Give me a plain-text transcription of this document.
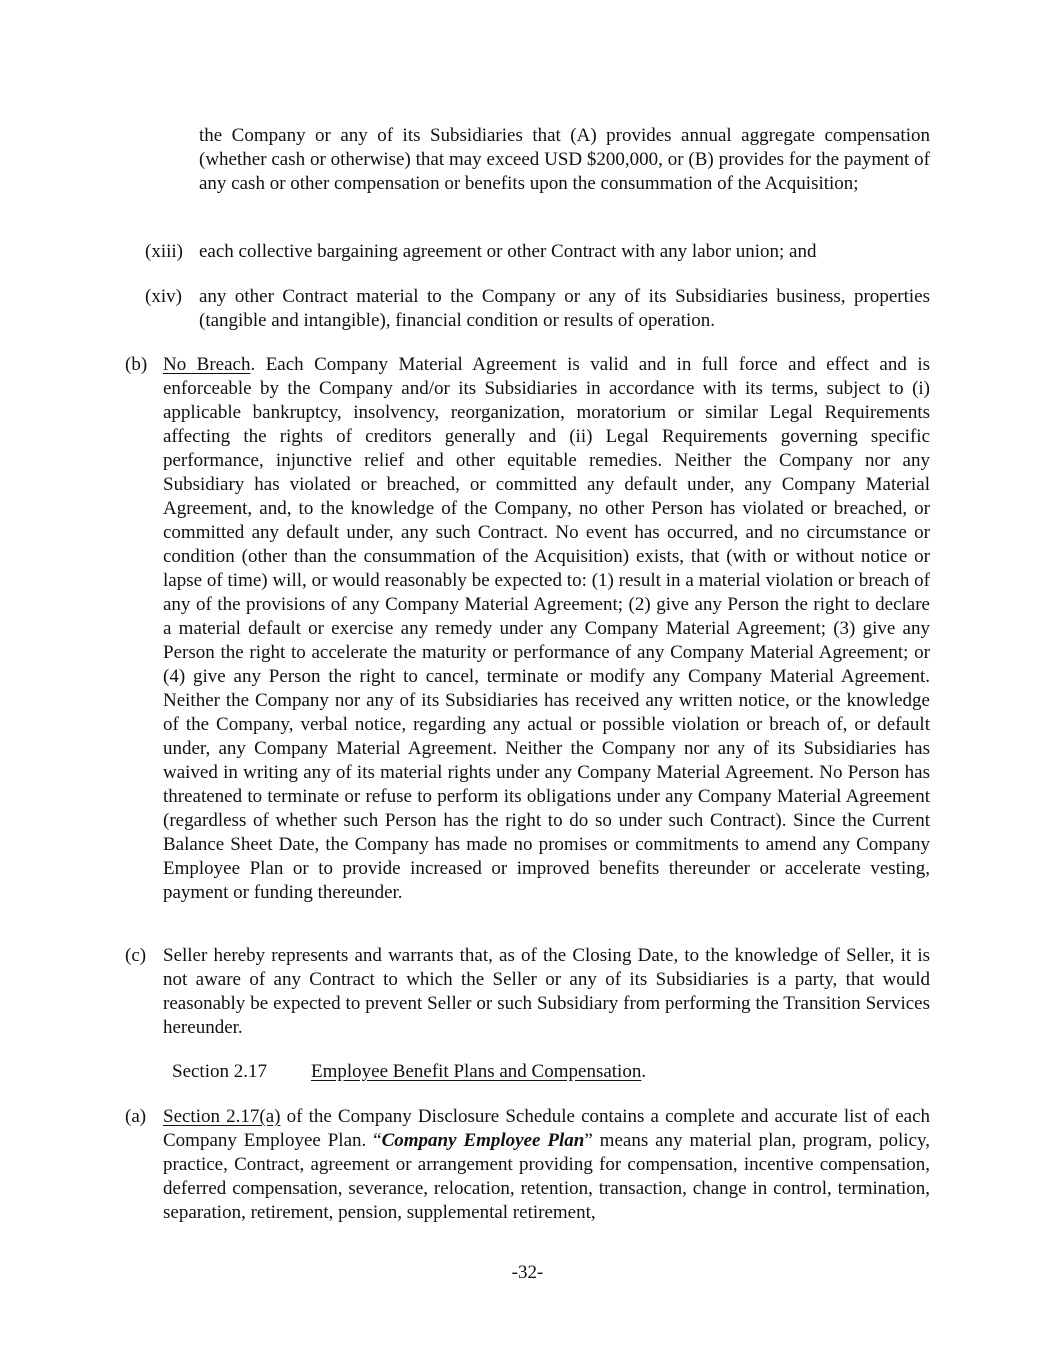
the Company or any of its Subsidiaries that (A) provides annual aggregate compensation (whether cash or otherwise) that may exceed USD $200,000, or (B) provides for the payment of any cash or other compensation or benefits upon the consummation of the Acquisition;
(xiii) each collective bargaining agreement or other Contract with any labor union; and
(xiv) any other Contract material to the Company or any of its Subsidiaries business, properties (tangible and intangible), financial condition or results of operation.
(b) No Breach. Each Company Material Agreement is valid and in full force and effect and is enforceable by the Company and/or its Subsidiaries in accordance with its terms, subject to (i) applicable bankruptcy, insolvency, reorganization, moratorium or similar Legal Requirements affecting the rights of creditors generally and (ii) Legal Requirements governing specific performance, injunctive relief and other equitable remedies. Neither the Company nor any Subsidiary has violated or breached, or committed any default under, any Company Material Agreement, and, to the knowledge of the Company, no other Person has violated or breached, or committed any default under, any such Contract. No event has occurred, and no circumstance or condition (other than the consummation of the Acquisition) exists, that (with or without notice or lapse of time) will, or would reasonably be expected to: (1) result in a material violation or breach of any of the provisions of any Company Material Agreement; (2) give any Person the right to declare a material default or exercise any remedy under any Company Material Agreement; (3) give any Person the right to accelerate the maturity or performance of any Company Material Agreement; or (4) give any Person the right to cancel, terminate or modify any Company Material Agreement. Neither the Company nor any of its Subsidiaries has received any written notice, or the knowledge of the Company, verbal notice, regarding any actual or possible violation or breach of, or default under, any Company Material Agreement. Neither the Company nor any of its Subsidiaries has waived in writing any of its material rights under any Company Material Agreement. No Person has threatened to terminate or refuse to perform its obligations under any Company Material Agreement (regardless of whether such Person has the right to do so under such Contract). Since the Current Balance Sheet Date, the Company has made no promises or commitments to amend any Company Employee Plan or to provide increased or improved benefits thereunder or accelerate vesting, payment or funding thereunder.
(c) Seller hereby represents and warrants that, as of the Closing Date, to the knowledge of Seller, it is not aware of any Contract to which the Seller or any of its Subsidiaries is a party, that would reasonably be expected to prevent Seller or such Subsidiary from performing the Transition Services hereunder.
Section 2.17 Employee Benefit Plans and Compensation.
(a) Section 2.17(a) of the Company Disclosure Schedule contains a complete and accurate list of each Company Employee Plan. “Company Employee Plan” means any material plan, program, policy, practice, Contract, agreement or arrangement providing for compensation, incentive compensation, deferred compensation, severance, relocation, retention, transaction, change in control, termination, separation, retirement, pension, supplemental retirement,
-32-
